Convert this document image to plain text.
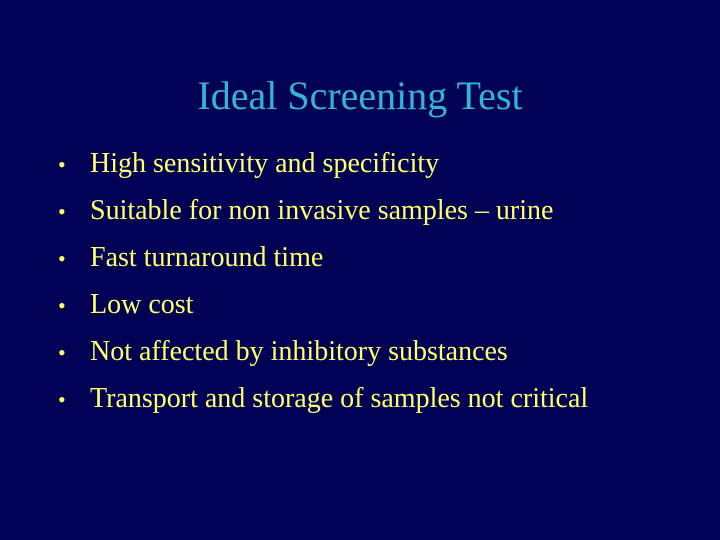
Ideal Screening Test
• High sensitivity and specificity
• Suitable for non invasive samples – urine
• Fast turnaround time
• Low cost
• Not affected by inhibitory substances
• Transport and storage of samples not critical
